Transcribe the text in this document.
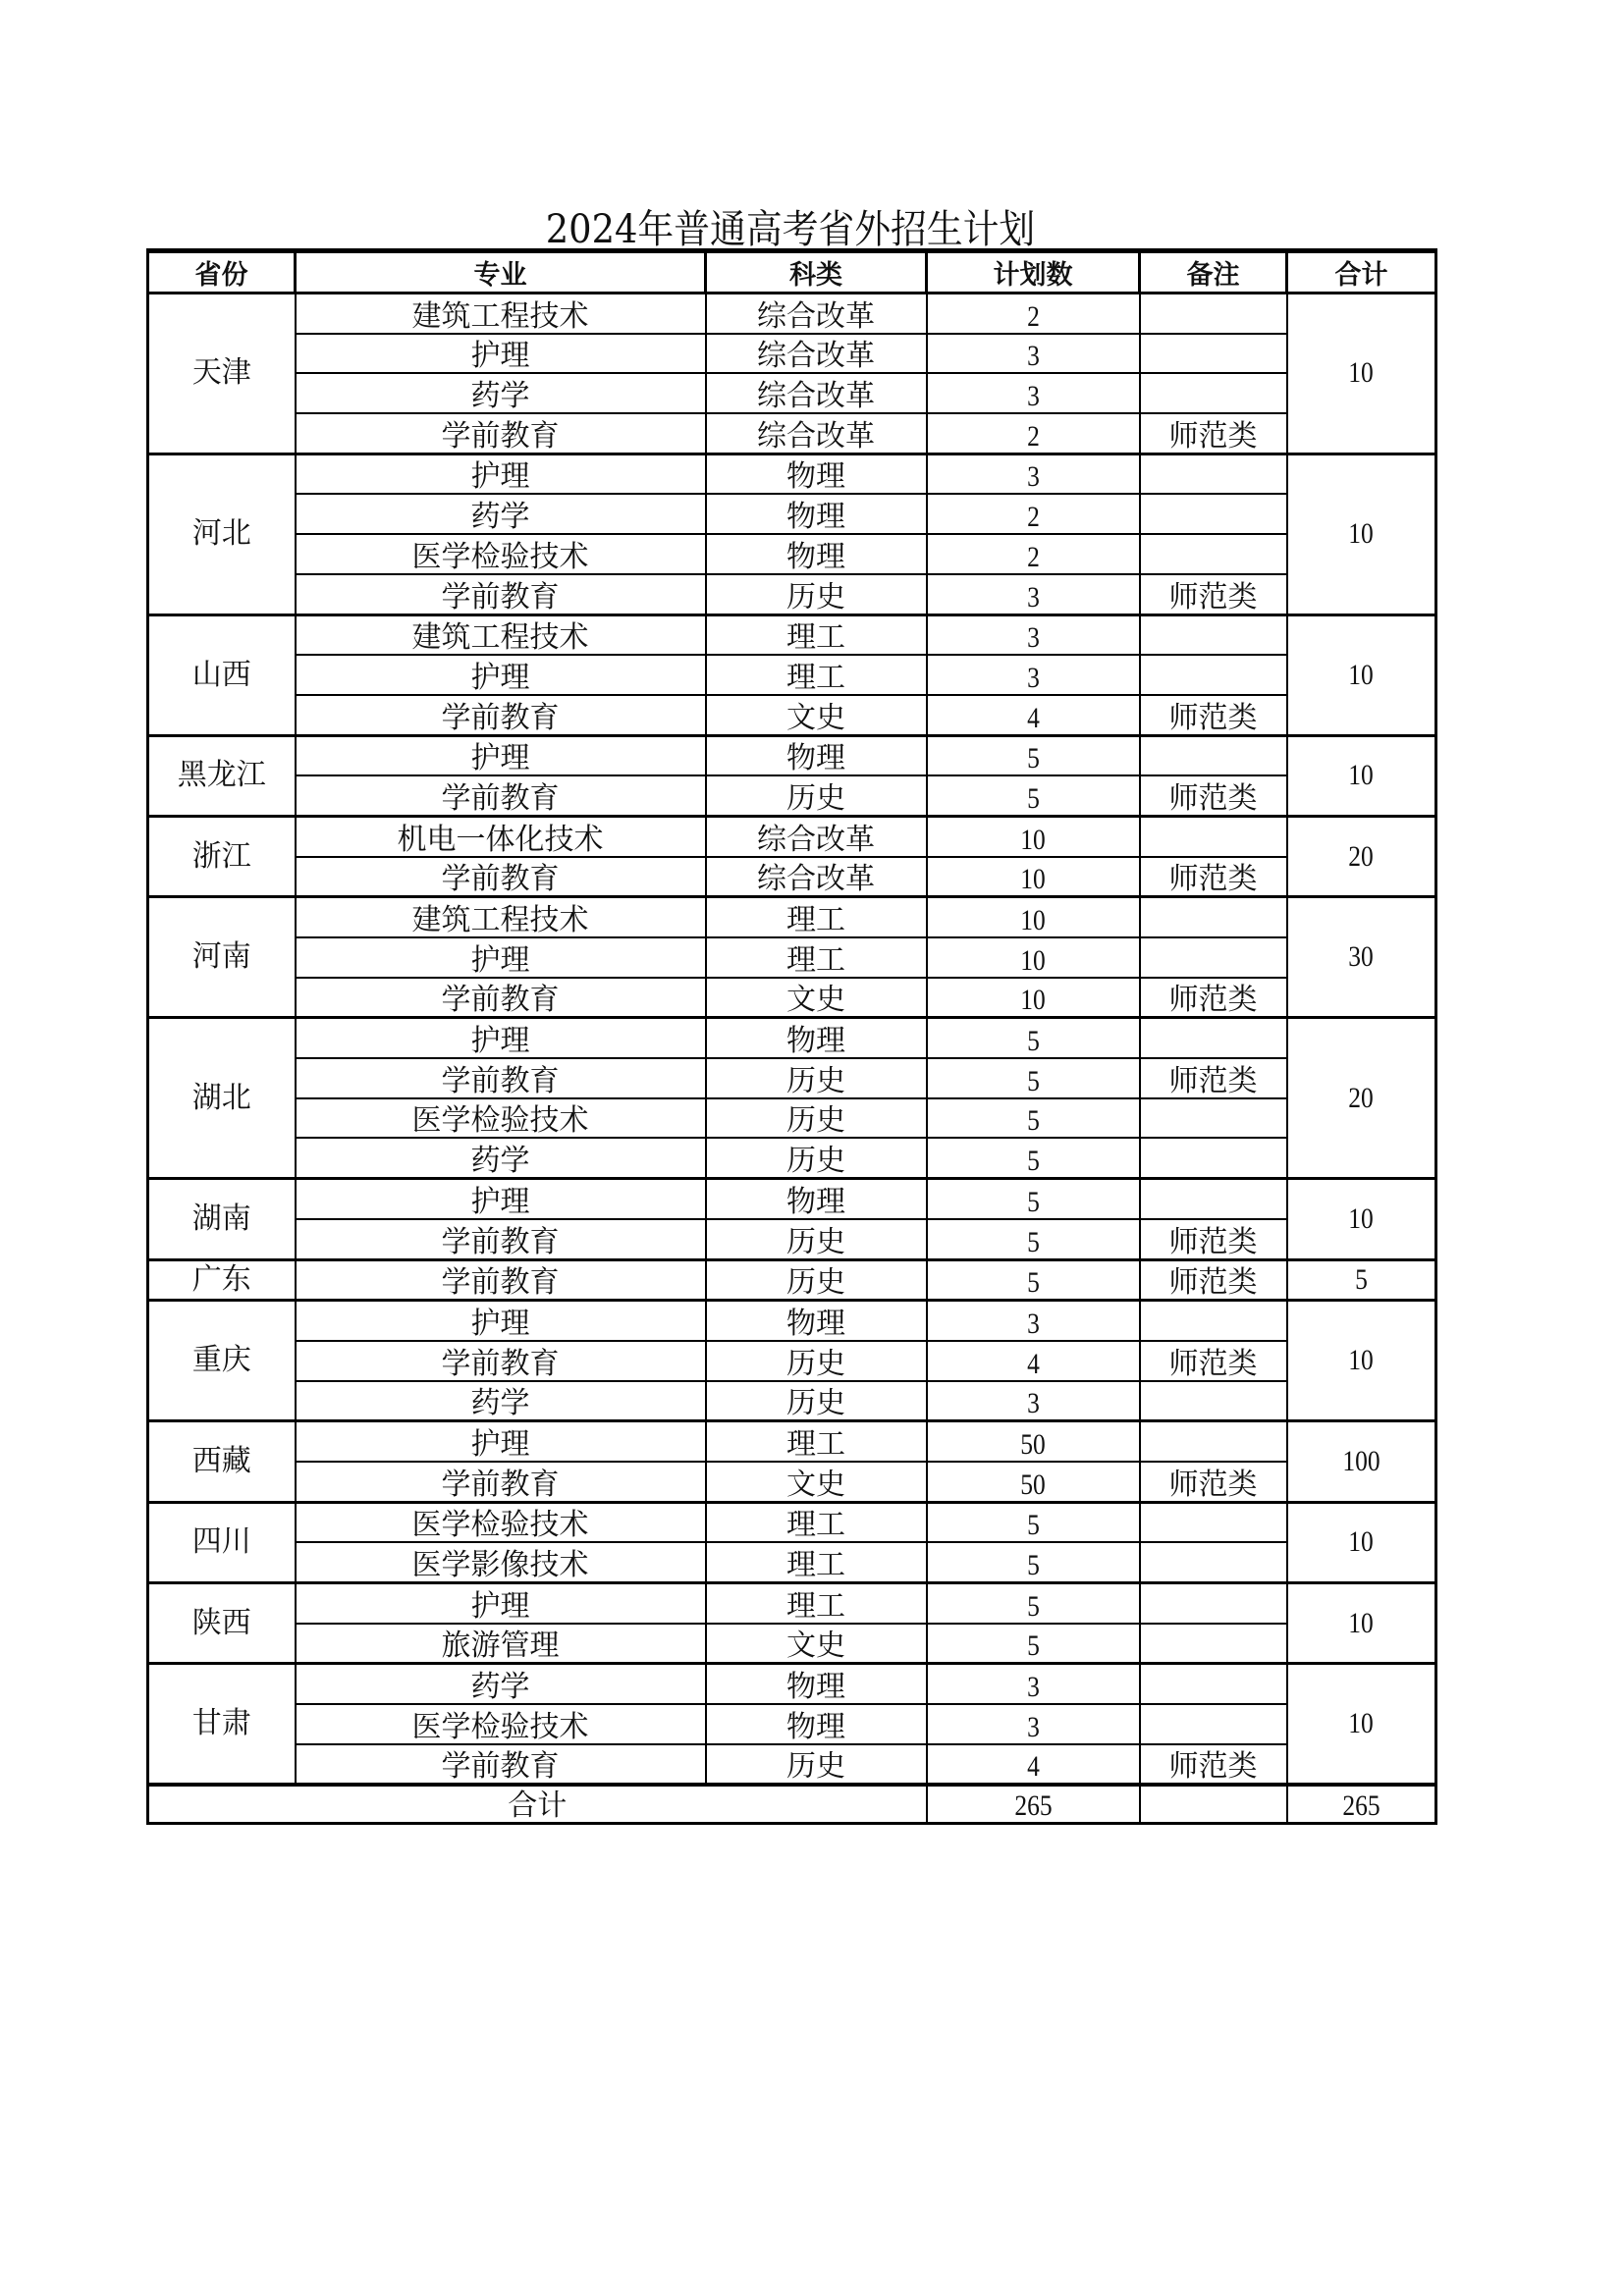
2024年普通高考省外招生计划
省份	专业	科类	计划数	备注	合计
天津	建筑工程技术	综合改革	2		10
	护理	综合改革	3		
	药学	综合改革	3		
	学前教育	综合改革	2	师范类	
河北	护理	物理	3		10
	药学	物理	2		
	医学检验技术	物理	2		
	学前教育	历史	3	师范类	
山西	建筑工程技术	理工	3		10
	护理	理工	3		
	学前教育	文史	4	师范类	
黑龙江	护理	物理	5		10
	学前教育	历史	5	师范类	
浙江	机电一体化技术	综合改革	10		20
	学前教育	综合改革	10	师范类	
河南	建筑工程技术	理工	10		30
	护理	理工	10		
	学前教育	文史	10	师范类	
湖北	护理	物理	5		20
	学前教育	历史	5	师范类	
	医学检验技术	历史	5		
	药学	历史	5		
湖南	护理	物理	5		10
	学前教育	历史	5	师范类	
广东	学前教育	历史	5	师范类	5
重庆	护理	物理	3		10
	学前教育	历史	4	师范类	
	药学	历史	3		
西藏	护理	理工	50		100
	学前教育	文史	50	师范类	
四川	医学检验技术	理工	5		10
	医学影像技术	理工	5		
陕西	护理	理工	5		10
	旅游管理	文史	5		
甘肃	药学	物理	3		10
	医学检验技术	物理	3		
	学前教育	历史	4	师范类	
合计			265		265
